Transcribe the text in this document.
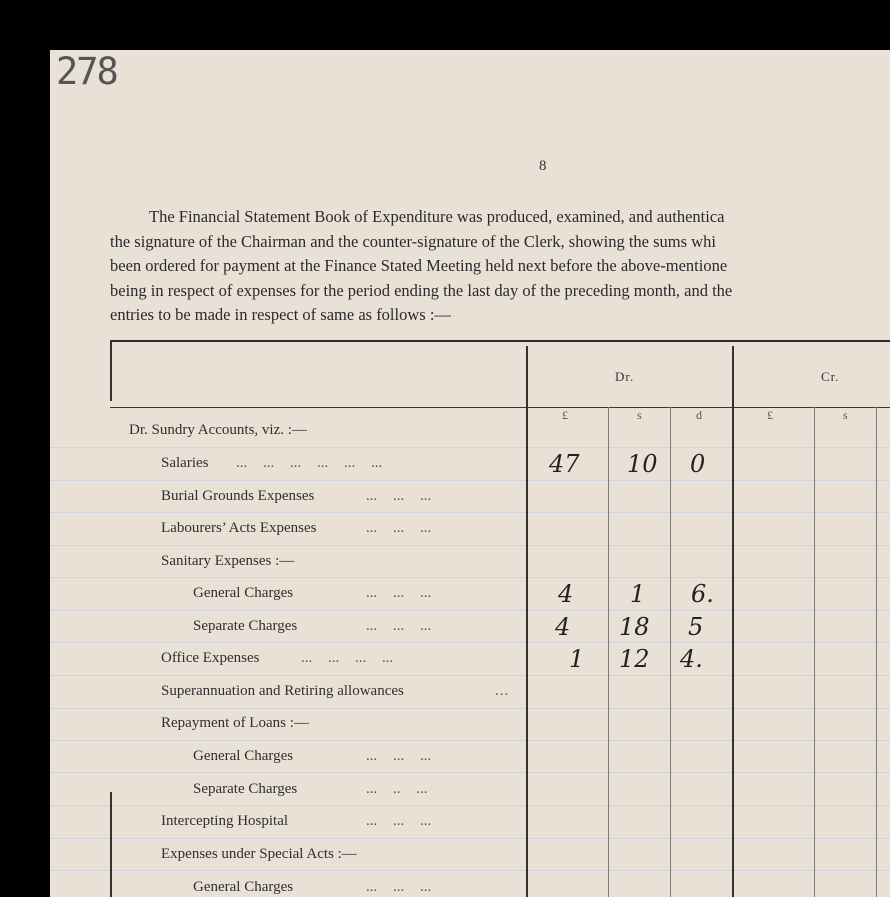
278
8
The Financial Statement Book of Expenditure was produced, examined, and authentica
the signature of the Chairman and the counter-signature of the Clerk, showing the sums whi
been ordered for payment at the Finance Stated Meeting held next before the above-mentione
being in respect of expenses for the period ending the last day of the preceding month, and the
entries to be made in respect of same as follows :—
Dr.	Cr.
£	s	d	£	s
Dr. Sundry Accounts, viz. :—
Salaries ... ... ... ... ... ...	47 10 0
Burial Grounds Expenses	... ... ...
Labourers’ Acts Expenses	... ... ...
Sanitary Expenses :—
General Charges	... ... ...	4 1 6.
Separate Charges	... ... ...	4 18 5
Office Expenses	... ... ... ...	1 12 4.
Superannuation and Retiring allowances	...
Repayment of Loans :—
General Charges	... ... ...
Separate Charges	... .. ...
Intercepting Hospital	... ... ...
Expenses under Special Acts :—
General Charges	... ... ...
